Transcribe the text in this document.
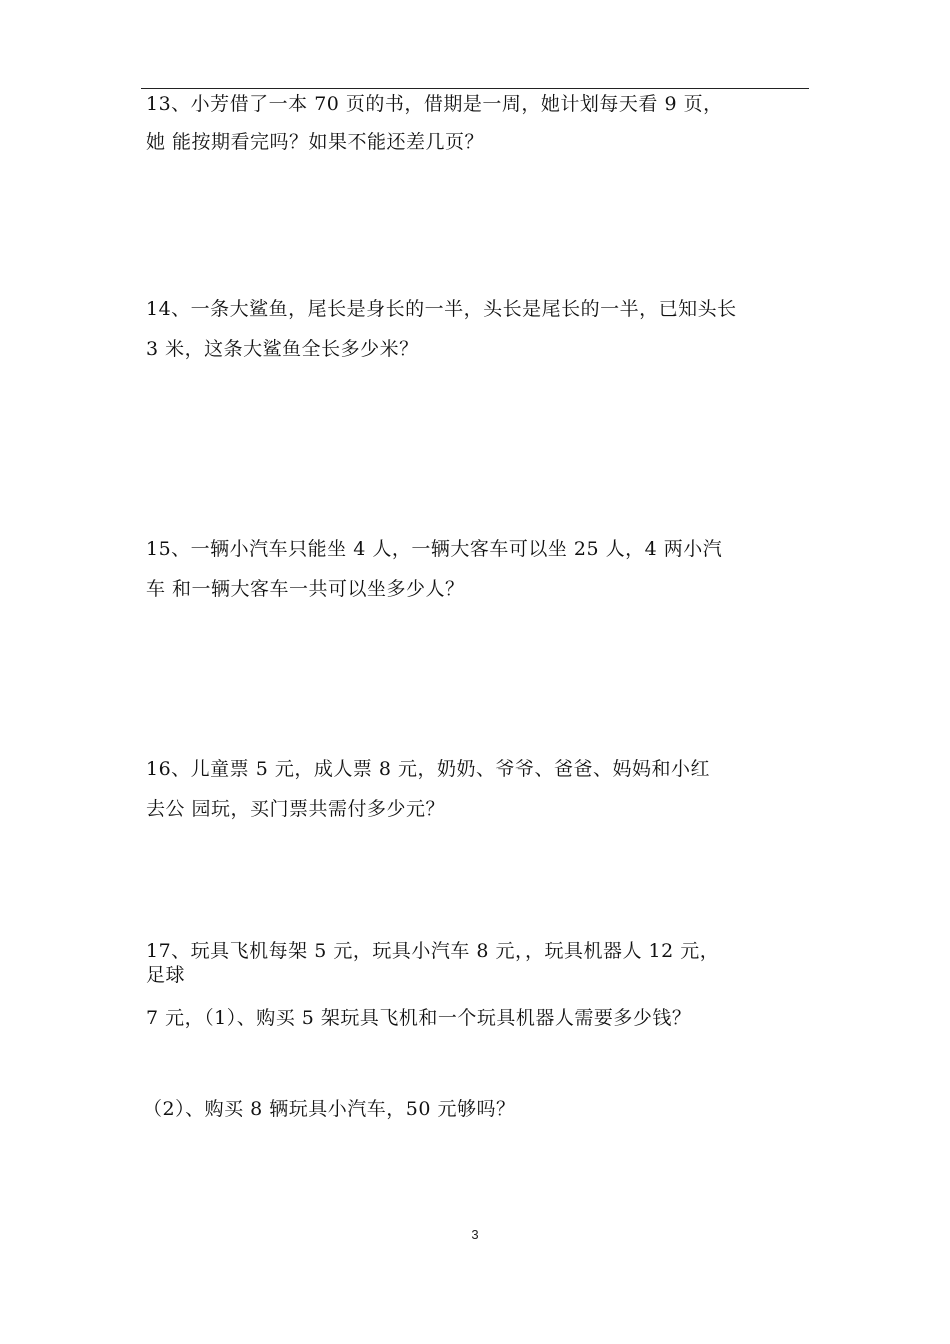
13、小芳借了一本 70 页的书，借期是一周，她计划每天看 9 页，
她 能按期看完吗？如果不能还差几页？
14、一条大鲨鱼，尾长是身长的一半，头长是尾长的一半，已知头长
3 米，这条大鲨鱼全长多少米？
15、一辆小汽车只能坐 4 人，一辆大客车可以坐 25 人，4 两小汽
车 和一辆大客车一共可以坐多少人？
16、儿童票 5 元，成人票 8 元，奶奶、爷爷、爸爸、妈妈和小红
去公 园玩，买门票共需付多少元？
17、玩具飞机每架 5 元，玩具小汽车 8 元，，玩具机器人 12 元，
足球
7 元，（1）、购买 5 架玩具飞机和一个玩具机器人需要多少钱？
（2）、购买 8 辆玩具小汽车，50 元够吗？
3
